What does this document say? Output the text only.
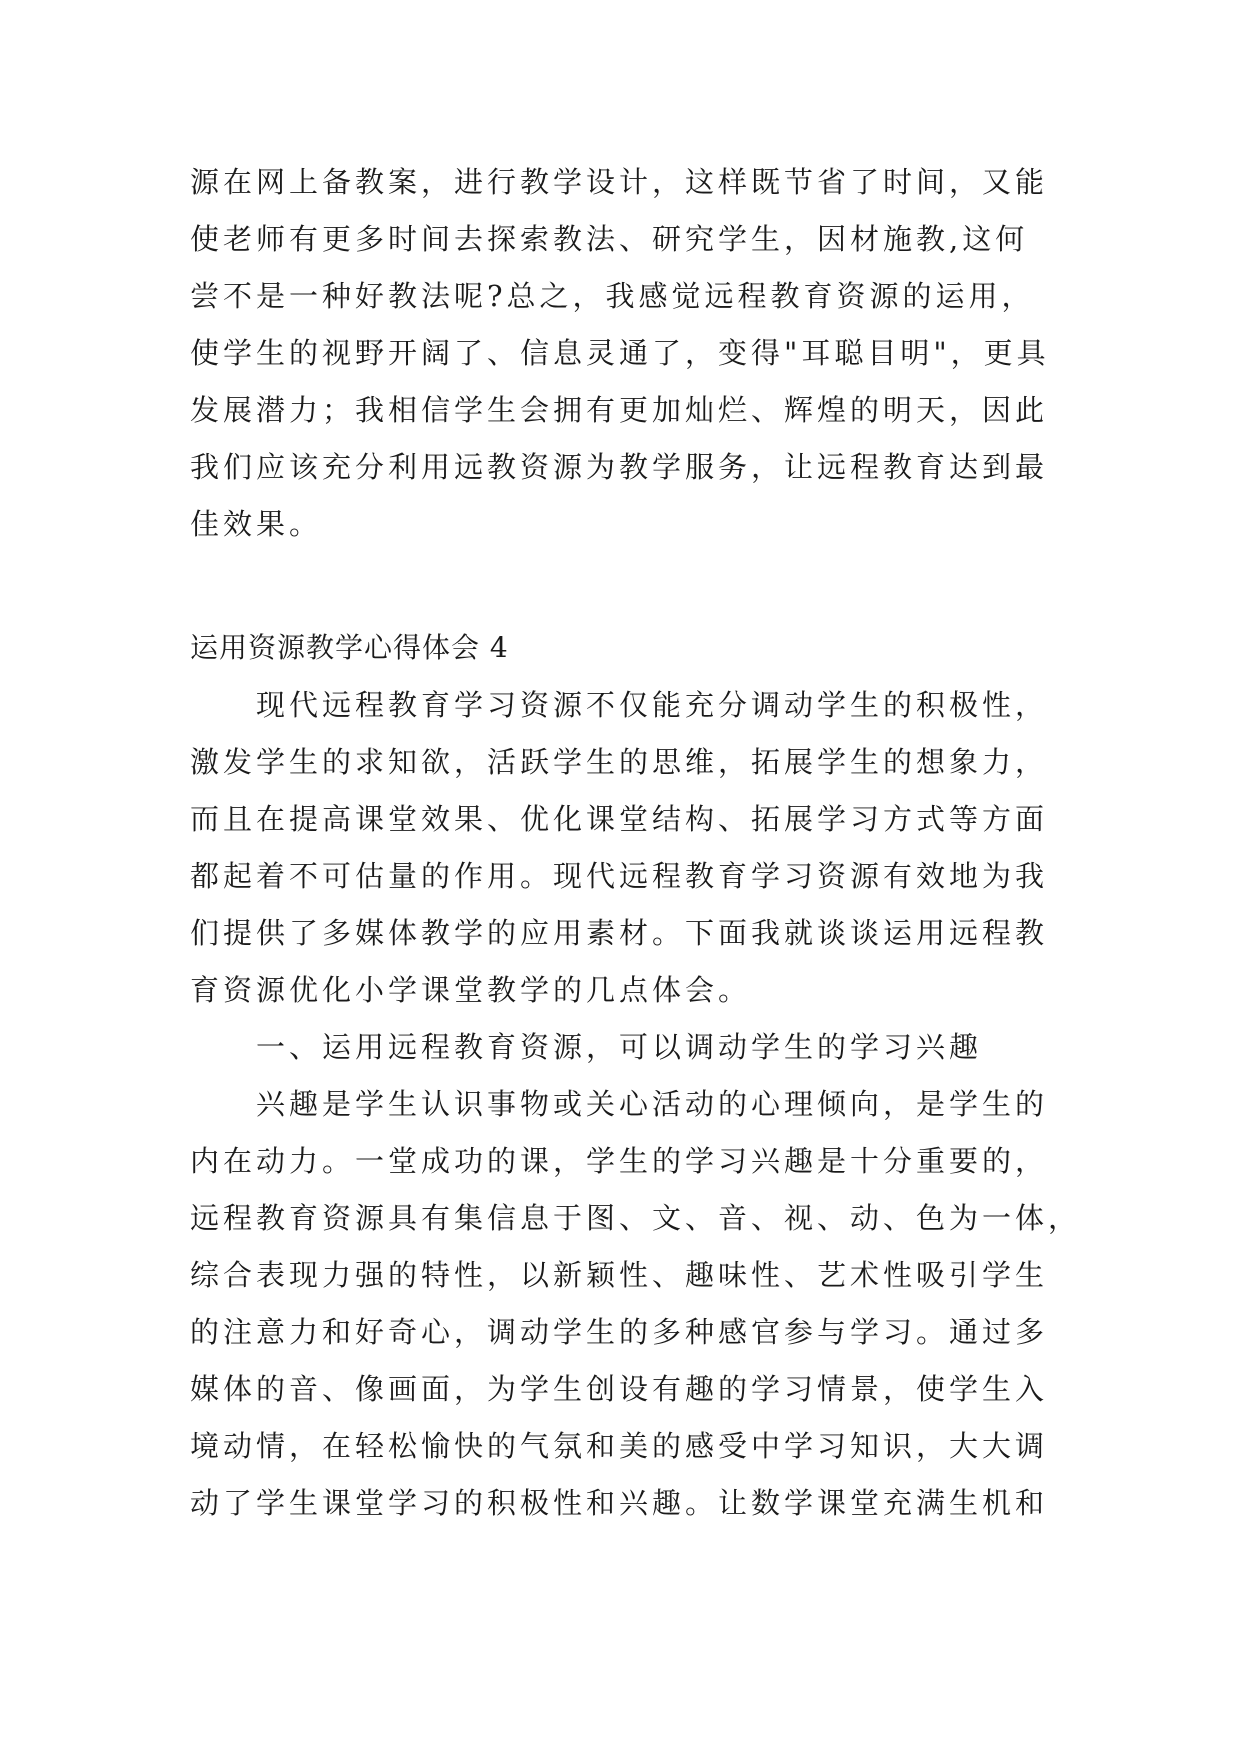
源在网上备教案，进行教学设计，这样既节省了时间，又能
使老师有更多时间去探索教法、研究学生，因材施教,这何
尝不是一种好教法呢?总之，我感觉远程教育资源的运用，
使学生的视野开阔了、信息灵通了，变得"耳聪目明"，更具
发展潜力；我相信学生会拥有更加灿烂、辉煌的明天，因此
我们应该充分利用远教资源为教学服务，让远程教育达到最
佳效果。
运用资源教学心得体会 4
现代远程教育学习资源不仅能充分调动学生的积极性，
激发学生的求知欲，活跃学生的思维，拓展学生的想象力，
而且在提高课堂效果、优化课堂结构、拓展学习方式等方面
都起着不可估量的作用。现代远程教育学习资源有效地为我
们提供了多媒体教学的应用素材。下面我就谈谈运用远程教
育资源优化小学课堂教学的几点体会。
一、运用远程教育资源，可以调动学生的学习兴趣
兴趣是学生认识事物或关心活动的心理倾向，是学生的
内在动力。一堂成功的课，学生的学习兴趣是十分重要的，
远程教育资源具有集信息于图、文、音、视、动、色为一体，
综合表现力强的特性，以新颖性、趣味性、艺术性吸引学生
的注意力和好奇心，调动学生的多种感官参与学习。通过多
媒体的音、像画面，为学生创设有趣的学习情景，使学生入
境动情，在轻松愉快的气氛和美的感受中学习知识，大大调
动了学生课堂学习的积极性和兴趣。让数学课堂充满生机和
